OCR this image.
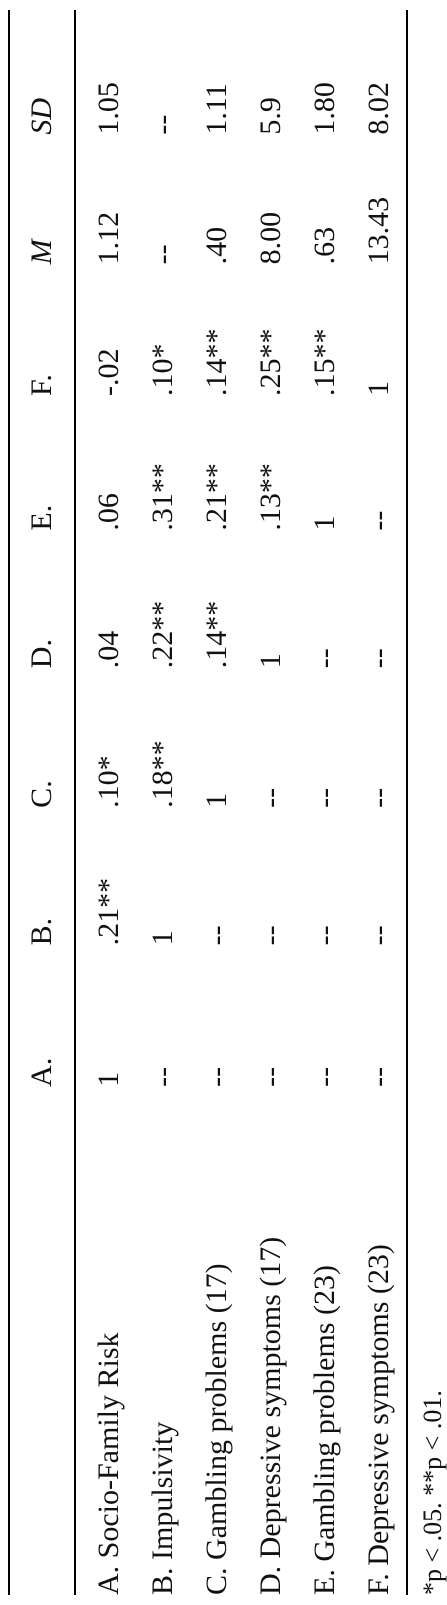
	A.	B.	C.	D.	E.	F.	M	SD
A. Socio-Family Risk	1	.21**	.10*	.04	.06	-.02	1.12	1.05
B. Impulsivity	--	1	.18**	.22**	.31**	.10*	--	--
C. Gambling problems (17)	--	--	1	.14**	.21**	.14**	.40	1.11
D. Depressive symptoms (17)	--	--	--	1	.13**	.25**	8.00	5.9
E. Gambling problems (23)	--	--	--	--	1	.15**	.63	1.80
F. Depressive symptoms (23)	--	--	--	--	--	1	13.43	8.02
*p < .05. **p < .01.
